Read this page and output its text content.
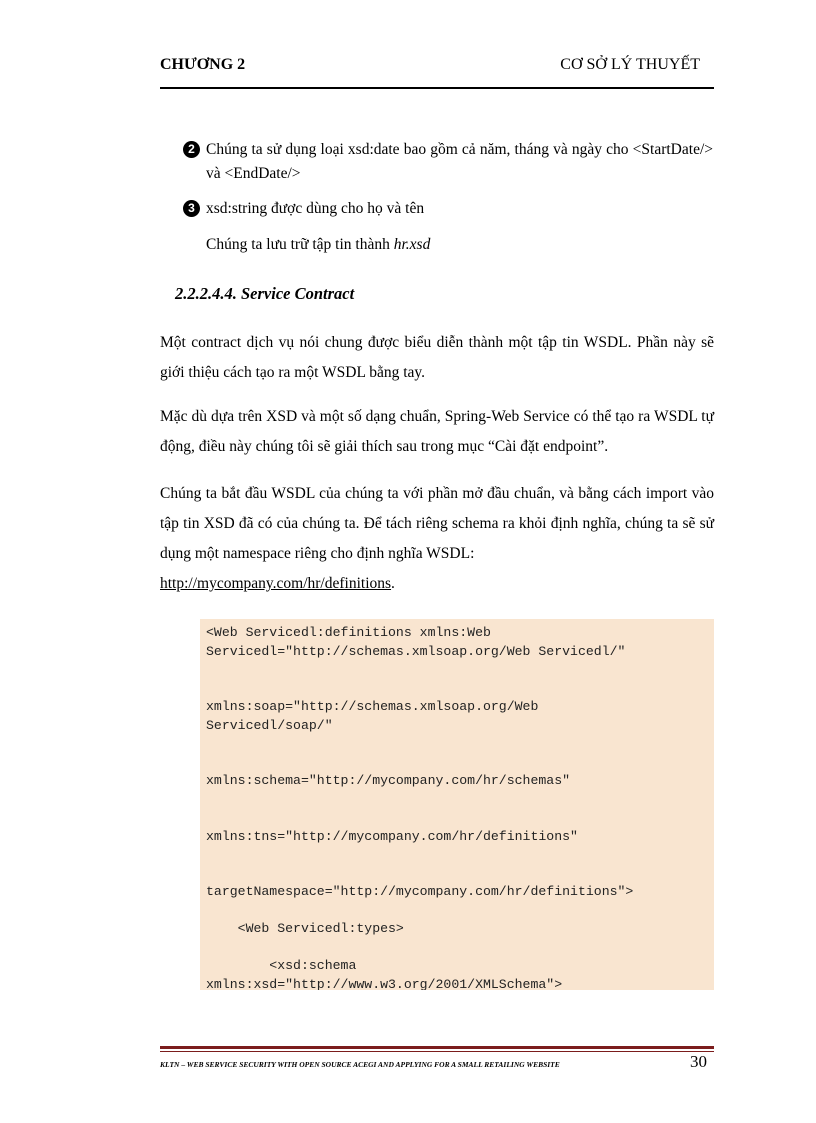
CHƯƠNG 2	CƠ SỞ LÝ THUYẾT
2 Chúng ta sử dụng loại xsd:date bao gồm cả năm, tháng và ngày cho <StartDate/> và <EndDate/>
3 xsd:string được dùng cho họ và tên
Chúng ta lưu trữ tập tin thành hr.xsd
2.2.2.4.4. Service Contract
Một contract dịch vụ nói chung được biểu diễn thành một tập tin WSDL. Phần này sẽ giới thiệu cách tạo ra một WSDL bằng tay.
Mặc dù dựa trên XSD và một số dạng chuẩn, Spring-Web Service có thể tạo ra WSDL tự động, điều này chúng tôi sẽ giải thích sau trong mục “Cài đặt endpoint”.
Chúng ta bắt đầu WSDL của chúng ta với phần mở đầu chuẩn, và bằng cách import vào tập tin XSD đã có của chúng ta. Để tách riêng schema ra khỏi định nghĩa, chúng ta sẽ sử dụng một namespace riêng cho định nghĩa WSDL:
http://mycompany.com/hr/definitions.
<Web Servicedl:definitions xmlns:Web
Servicedl="http://schemas.xmlsoap.org/Web Servicedl/"

xmlns:soap="http://schemas.xmlsoap.org/Web
Servicedl/soap/"

xmlns:schema="http://mycompany.com/hr/schemas"

xmlns:tns="http://mycompany.com/hr/definitions"

targetNamespace="http://mycompany.com/hr/definitions">

<Web Servicedl:types>

<xsd:schema
xmlns:xsd="http://www.w3.org/2001/XMLSchema">
KLTN – WEB SERVICE SECURITY WITH OPEN SOURCE ACEGI AND APPLYING FOR A SMALL RETAILING WEBSITE	30
